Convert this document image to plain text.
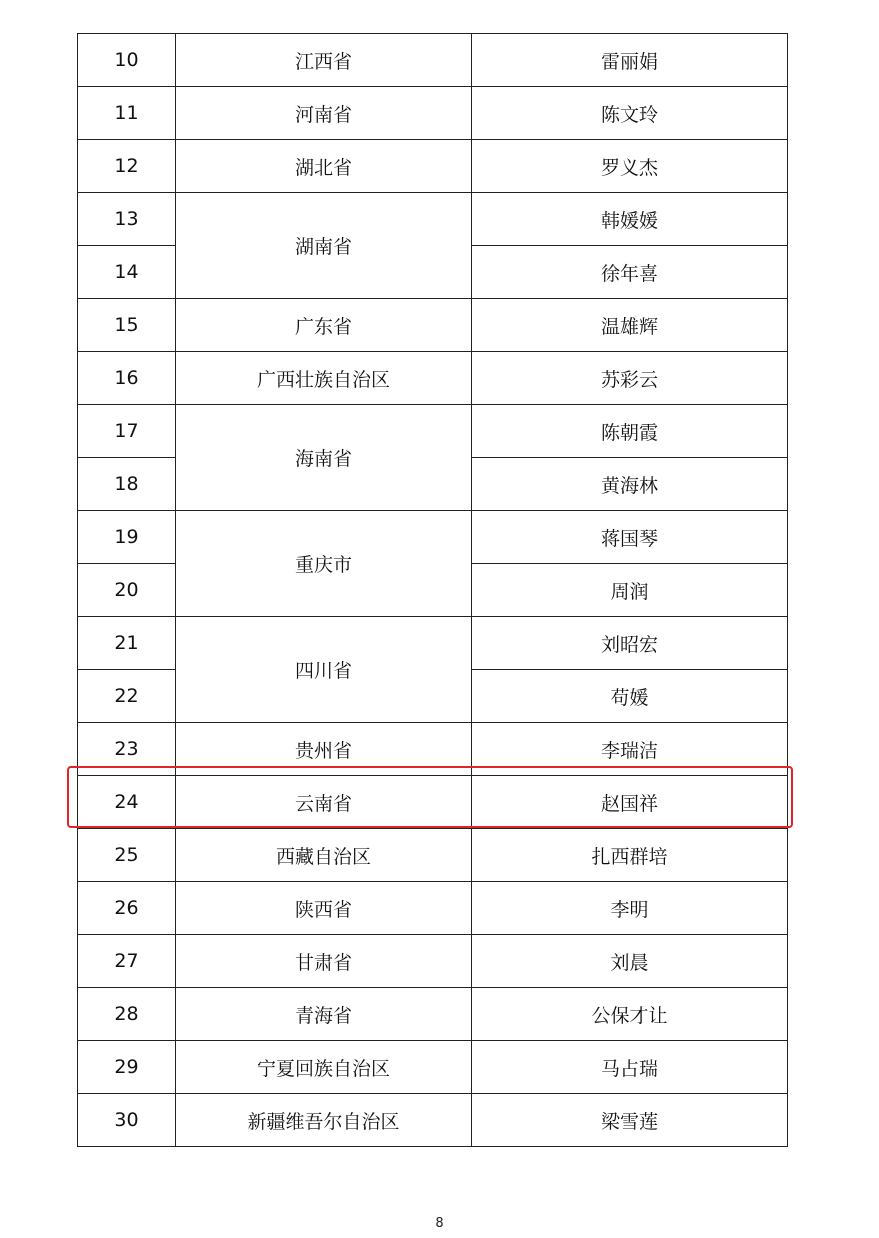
10	江西省	雷丽娟
11	河南省	陈文玲
12	湖北省	罗义杰
13	湖南省	韩媛媛
14		徐年喜
15	广东省	温雄辉
16	广西壮族自治区	苏彩云
17	海南省	陈朝霞
18		黄海林
19	重庆市	蒋国琴
20		周润
21	四川省	刘昭宏
22		苟媛
23	贵州省	李瑞洁
24	云南省	赵国祥
25	西藏自治区	扎西群培
26	陕西省	李明
27	甘肃省	刘晨
28	青海省	公保才让
29	宁夏回族自治区	马占瑞
30	新疆维吾尔自治区	梁雪莲
8
